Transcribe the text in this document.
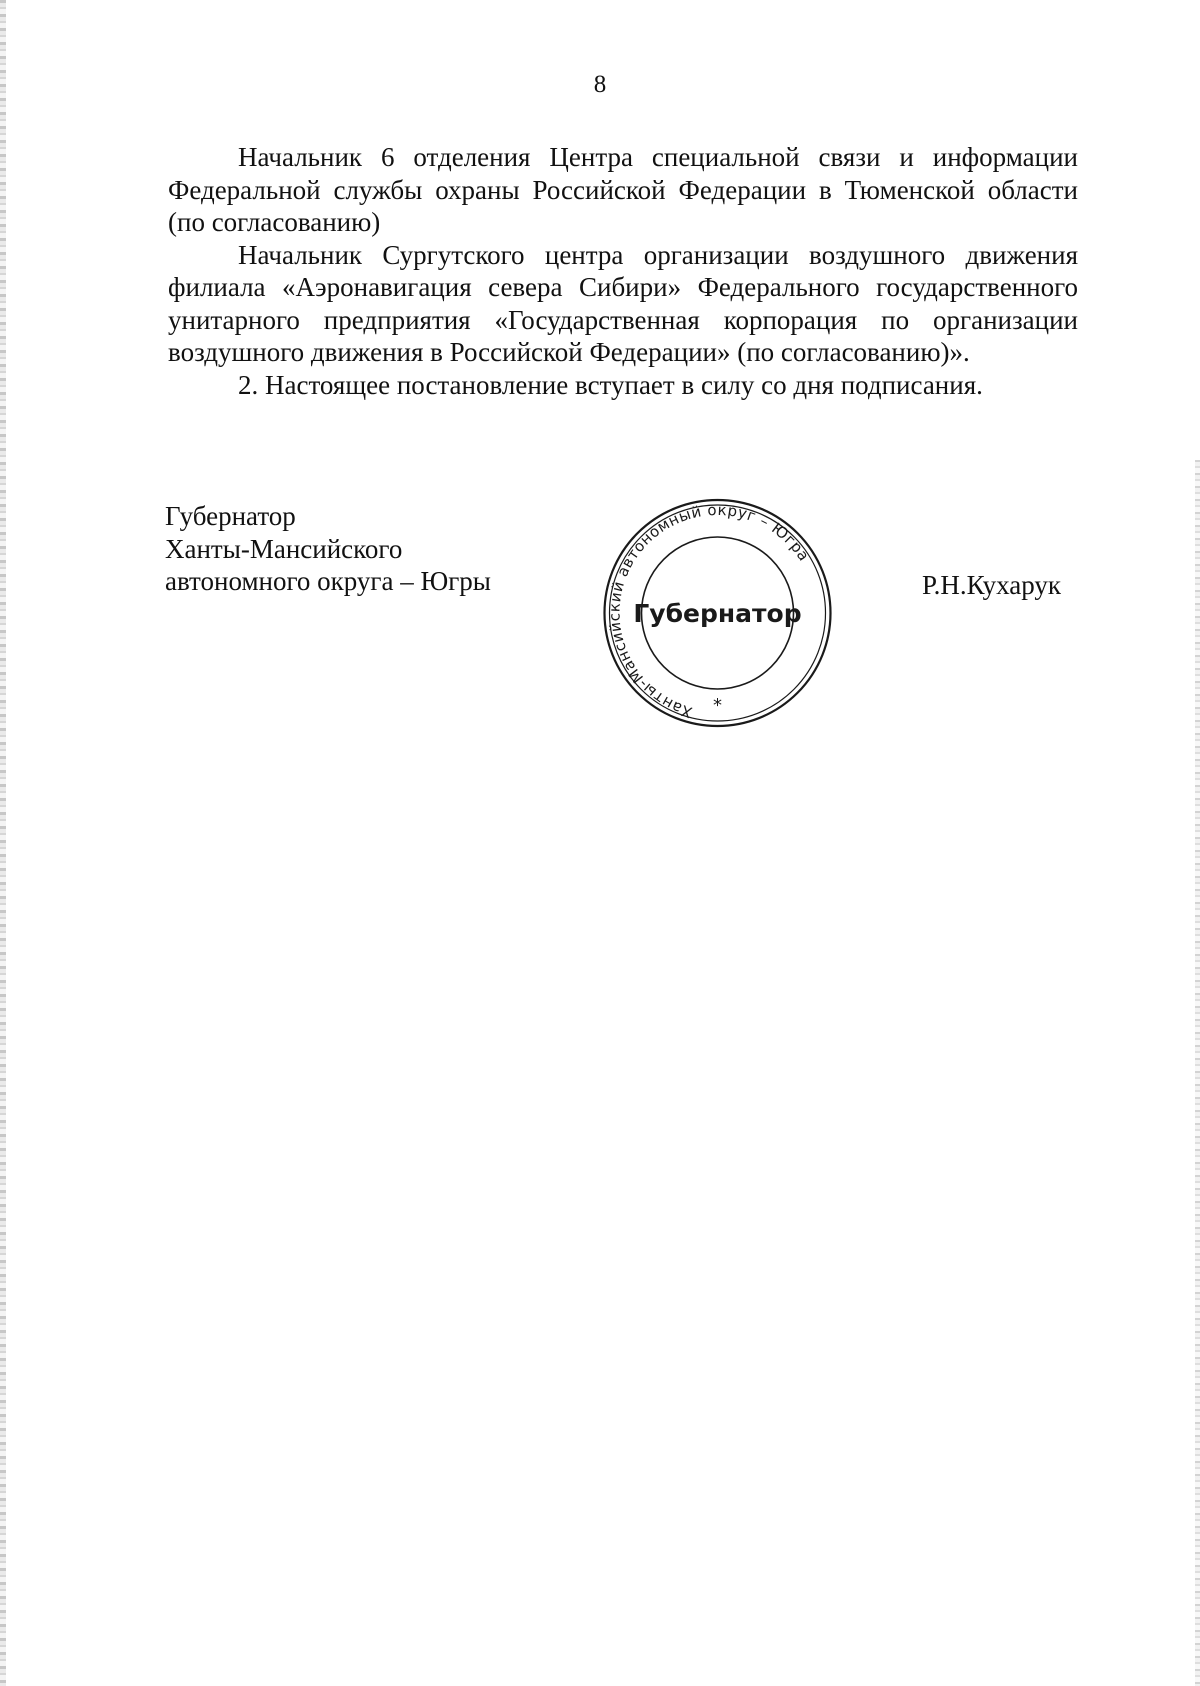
8

Начальник 6 отделения Центра специальной связи и информации Федеральной службы охраны Российской Федерации в Тюменской области (по согласованию)

Начальник Сургутского центра организации воздушного движения филиала «Аэронавигация севера Сибири» Федерального государственного унитарного предприятия «Государственная корпорация по организации воздушного движения в Российской Федерации» (по согласованию)».

2. Настоящее постановление вступает в силу со дня подписания.

Губернатор
Ханты-Мансийского
автономного округа – Югры
Ханты-Мансийский автономный округ – Югра
Губернатор
*
Р.Н.Кухарук
